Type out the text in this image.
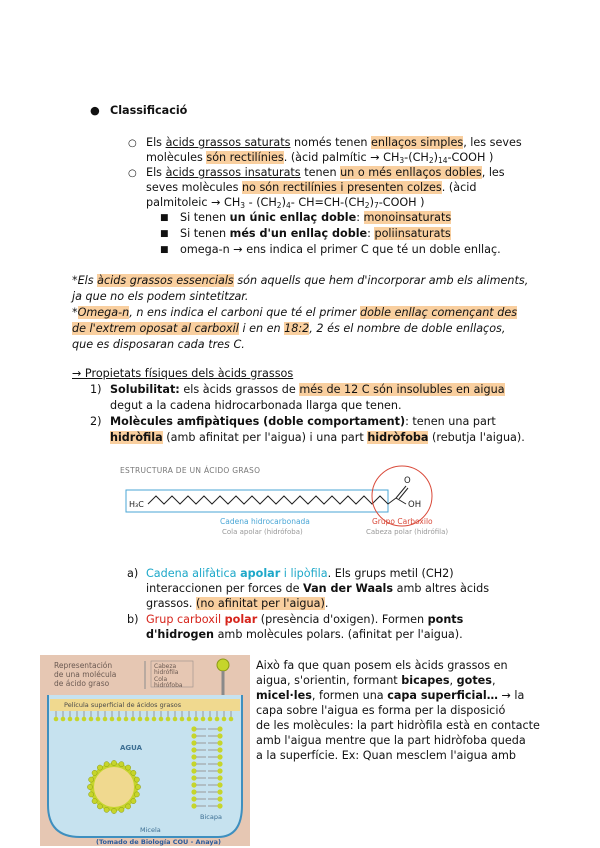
● Classificació
○ Els àcids grassos saturats només tenen enllaços simples, les seves
molècules són rectilínies. (àcid palmític → $CH_3-(CH_2)_{14}$-COOH )
○ Els àcids grassos insaturats tenen un o més enllaços dobles, les
seves molècules no són rectilínies i presenten colzes. (àcid
palmitoleic → $CH_3 - (CH_2)_4-$ $CH=CH-(CH_2)_7$-COOH )
■ Si tenen un únic enllaç doble: monoinsaturats
■ Si tenen més d'un enllaç doble: poliinsaturats
■ omega-n → ens indica el primer C que té un doble enllaç.
*Els àcids grassos essencials són aquells que hem d'incorporar amb els aliments,
ja que no els podem sintetitzar.
*Omega-n, n ens indica el carboni que té el primer doble enllaç començant des
de l'extrem oposat al carboxil i en en 18:2, 2 és el nombre de doble enllaços,
que es disposaran cada tres C.
→ Propietats físiques dels àcids grassos
1) Solubilitat: els àcids grassos de més de 12 C són insolubles en aigua
degut a la cadena hidrocarbonada llarga que tenen.
2) Molècules amfipàtiques (doble comportament): tenen una part
hidròfila (amb afinitat per l'aigua) i una part hidròfoba (rebutja l'aigua).
ESTRUCTURA DE UN ÁCIDO GRASO
H₃C
O
OH
Cadena hidrocarbonada
Cola apolar (hidrófoba)
Grupo Carboxilo
Cabeza polar (hidrófila)
a) Cadena alifàtica apolar i lipòfila. Els grups metil (CH2)
interaccionen per forces de Van der Waals amb altres àcids
grassos. (no afinitat per l'aigua).
b) Grup carboxil polar (presència d'oxigen). Formen ponts
d'hidrogen amb molècules polars. (afinitat per l'aigua).
Representación
de una molécula
de ácido graso
Cabeza
hidrófila
Cola
hidrófoba
Película superficial de ácidos grasos
AGUA
Bicapa
Micela
(Tomado de Biología COU - Anaya)
Això fa que quan posem els àcids grassos en
aigua, s'orientin, formant bicapes, gotes,
micel·les, formen una capa superficial… → la
capa sobre l'aigua es forma per la disposició
de les molècules: la part hidròfila està en contacte
amb l'aigua mentre que la part hidròfoba queda
a la superfície. Ex: Quan mesclem l'aigua amb
